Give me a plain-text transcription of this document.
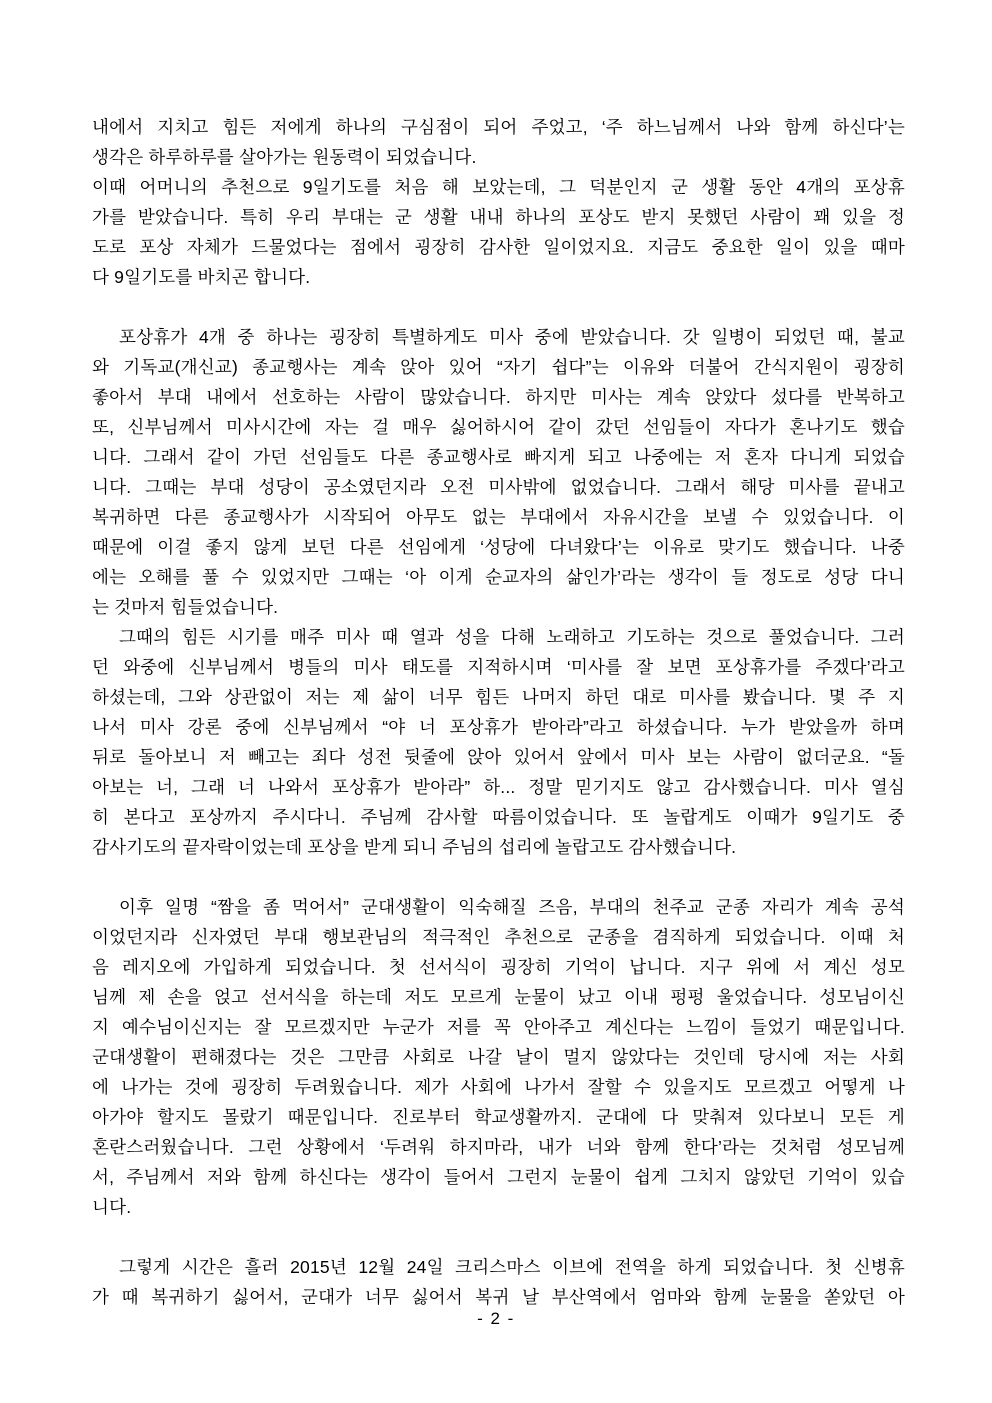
내에서 지치고 힘든 저에게 하나의 구심점이 되어 주었고, ‘주 하느님께서 나와 함께 하신다’는
생각은 하루하루를 살아가는 원동력이 되었습니다.
이때 어머니의 추천으로 9일기도를 처음 해 보았는데, 그 덕분인지 군 생활 동안 4개의 포상휴
가를 받았습니다. 특히 우리 부대는 군 생활 내내 하나의 포상도 받지 못했던 사람이 꽤 있을 정
도로 포상 자체가 드물었다는 점에서 굉장히 감사한 일이었지요. 지금도 중요한 일이 있을 때마
다 9일기도를 바치곤 합니다.
포상휴가 4개 중 하나는 굉장히 특별하게도 미사 중에 받았습니다. 갓 일병이 되었던 때, 불교
와 기독교(개신교) 종교행사는 계속 앉아 있어 “자기 쉽다”는 이유와 더불어 간식지원이 굉장히
좋아서 부대 내에서 선호하는 사람이 많았습니다. 하지만 미사는 계속 앉았다 섰다를 반복하고
또, 신부님께서 미사시간에 자는 걸 매우 싫어하시어 같이 갔던 선임들이 자다가 혼나기도 했습
니다. 그래서 같이 가던 선임들도 다른 종교행사로 빠지게 되고 나중에는 저 혼자 다니게 되었습
니다. 그때는 부대 성당이 공소였던지라 오전 미사밖에 없었습니다. 그래서 해당 미사를 끝내고
복귀하면 다른 종교행사가 시작되어 아무도 없는 부대에서 자유시간을 보낼 수 있었습니다. 이
때문에 이걸 좋지 않게 보던 다른 선임에게 ‘성당에 다녀왔다’는 이유로 맞기도 했습니다. 나중
에는 오해를 풀 수 있었지만 그때는 ‘아 이게 순교자의 삶인가’라는 생각이 들 정도로 성당 다니
는 것마저 힘들었습니다.
그때의 힘든 시기를 매주 미사 때 열과 성을 다해 노래하고 기도하는 것으로 풀었습니다. 그러
던 와중에 신부님께서 병들의 미사 태도를 지적하시며 ‘미사를 잘 보면 포상휴가를 주겠다’라고
하셨는데, 그와 상관없이 저는 제 삶이 너무 힘든 나머지 하던 대로 미사를 봤습니다. 몇 주 지
나서 미사 강론 중에 신부님께서 “야 너 포상휴가 받아라”라고 하셨습니다. 누가 받았을까 하며
뒤로 돌아보니 저 빼고는 죄다 성전 뒷줄에 앉아 있어서 앞에서 미사 보는 사람이 없더군요. “돌
아보는 너, 그래 너 나와서 포상휴가 받아라” 하... 정말 믿기지도 않고 감사했습니다. 미사 열심
히 본다고 포상까지 주시다니. 주님께 감사할 따름이었습니다. 또 놀랍게도 이때가 9일기도 중
감사기도의 끝자락이었는데 포상을 받게 되니 주님의 섭리에 놀랍고도 감사했습니다.
이후 일명 “짬을 좀 먹어서” 군대생활이 익숙해질 즈음, 부대의 천주교 군종 자리가 계속 공석
이었던지라 신자였던 부대 행보관님의 적극적인 추천으로 군종을 겸직하게 되었습니다. 이때 처
음 레지오에 가입하게 되었습니다. 첫 선서식이 굉장히 기억이 납니다. 지구 위에 서 계신 성모
님께 제 손을 얹고 선서식을 하는데 저도 모르게 눈물이 났고 이내 펑펑 울었습니다. 성모님이신
지 예수님이신지는 잘 모르겠지만 누군가 저를 꼭 안아주고 계신다는 느낌이 들었기 때문입니다.
군대생활이 편해졌다는 것은 그만큼 사회로 나갈 날이 멀지 않았다는 것인데 당시에 저는 사회
에 나가는 것에 굉장히 두려웠습니다. 제가 사회에 나가서 잘할 수 있을지도 모르겠고 어떻게 나
아가야 할지도 몰랐기 때문입니다. 진로부터 학교생활까지. 군대에 다 맞춰져 있다보니 모든 게
혼란스러웠습니다. 그런 상황에서 ‘두려워 하지마라, 내가 너와 함께 한다’라는 것처럼 성모님께
서, 주님께서 저와 함께 하신다는 생각이 들어서 그런지 눈물이 쉽게 그치지 않았던 기억이 있습
니다.
그렇게 시간은 흘러 2015년 12월 24일 크리스마스 이브에 전역을 하게 되었습니다. 첫 신병휴
가 때 복귀하기 싫어서, 군대가 너무 싫어서 복귀 날 부산역에서 엄마와 함께 눈물을 쏟았던 아
- 2 -
